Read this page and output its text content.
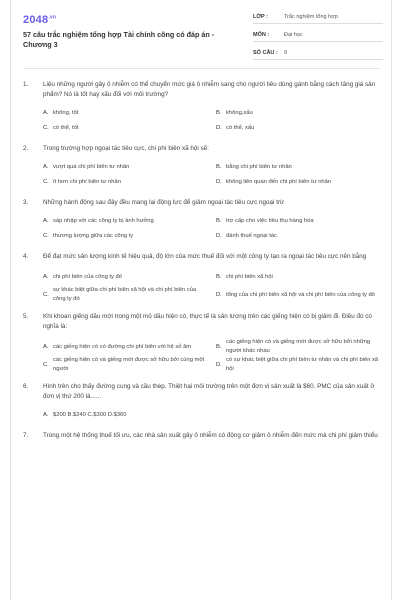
$2048^{.vn}$
57 câu trắc nghiệm tổng hợp Tài chính công có đáp án - Chương 3
LỚP :	Trắc nghiệm tổng hợp
MÔN :	Đại học
SỐ CÂU :	9
1.	Liệu những người gây ô nhiễm có thể chuyển mức giá ô nhiễm sang cho người tiêu dùng gánh bằng cách tăng giá sản phẩm? Nó là tốt hay xấu đối với môi trường?
A. không, tốt	B. không,xấu
C. có thể, tốt	D. có thể, xấu
2.	Trong trường hợp ngoại tác tiêu cực, chi phí biên xã hội sẽ:
A. vượt quá chi phí biên tư nhân	B. bằng chi phí biên tư nhân
C. ít hơn chi phí biên tư nhân	D. không liên quan đến chi phí biên tư nhân
3.	Những hành động sau đây đều mang lại động lực để giảm ngoại tác tiêu cực ngoại trừ
A. sáp nhập với các công ty bị ảnh hưởng	B. trợ cấp cho việc tiêu thụ hàng hóa
C. thương lượng giữa các công ty	D. đánh thuế ngoại tác
4.	Để đạt mức sản lượng kinh tế hiệu quả, độ lớn của mức thuế đối với một công ty tạo ra ngoại tác tiêu cực nên bằng
A. chi phí biên của công ty đó	B. chi phí biên xã hội
C.
sự khác biệt giữa chi phí biên xã hội và chi phí biên của công ty đó
D. tổng của chi phí biên xã hội và chi phí biên của công ty đó
5.	Khi khoan giếng dầu mới trong một mỏ dầu hiện có, thực tế là sản lượng trên các giếng hiện có bị giảm đi. Điều đó có nghĩa là:
A. các giếng hiện có có đường chi phí biên với hệ số âm	B.
các giếng hiện có và giếng mới được sở hữu bởi những người khác nhau
C.
các giếng hiện có và giếng mới được sở hữu bởi cùng một người
D.
có sự khác biệt giữa chi phí biên tư nhân và chi phí biên xã hội
6.	Hình trên cho thấy đường cung và cầu thép. Thiệt hại môi trường trên một đơn vị sản xuất là $60. PMC của sản xuất ở đơn vị thứ 200 là......
A. $200 B.$240 C.$300 D.$360
7.	Trong một hệ thống thuế tối ưu, các nhà sản xuất gây ô nhiễm có động cơ giảm ô nhiễm đến mức mà chi phí giảm thiểu
